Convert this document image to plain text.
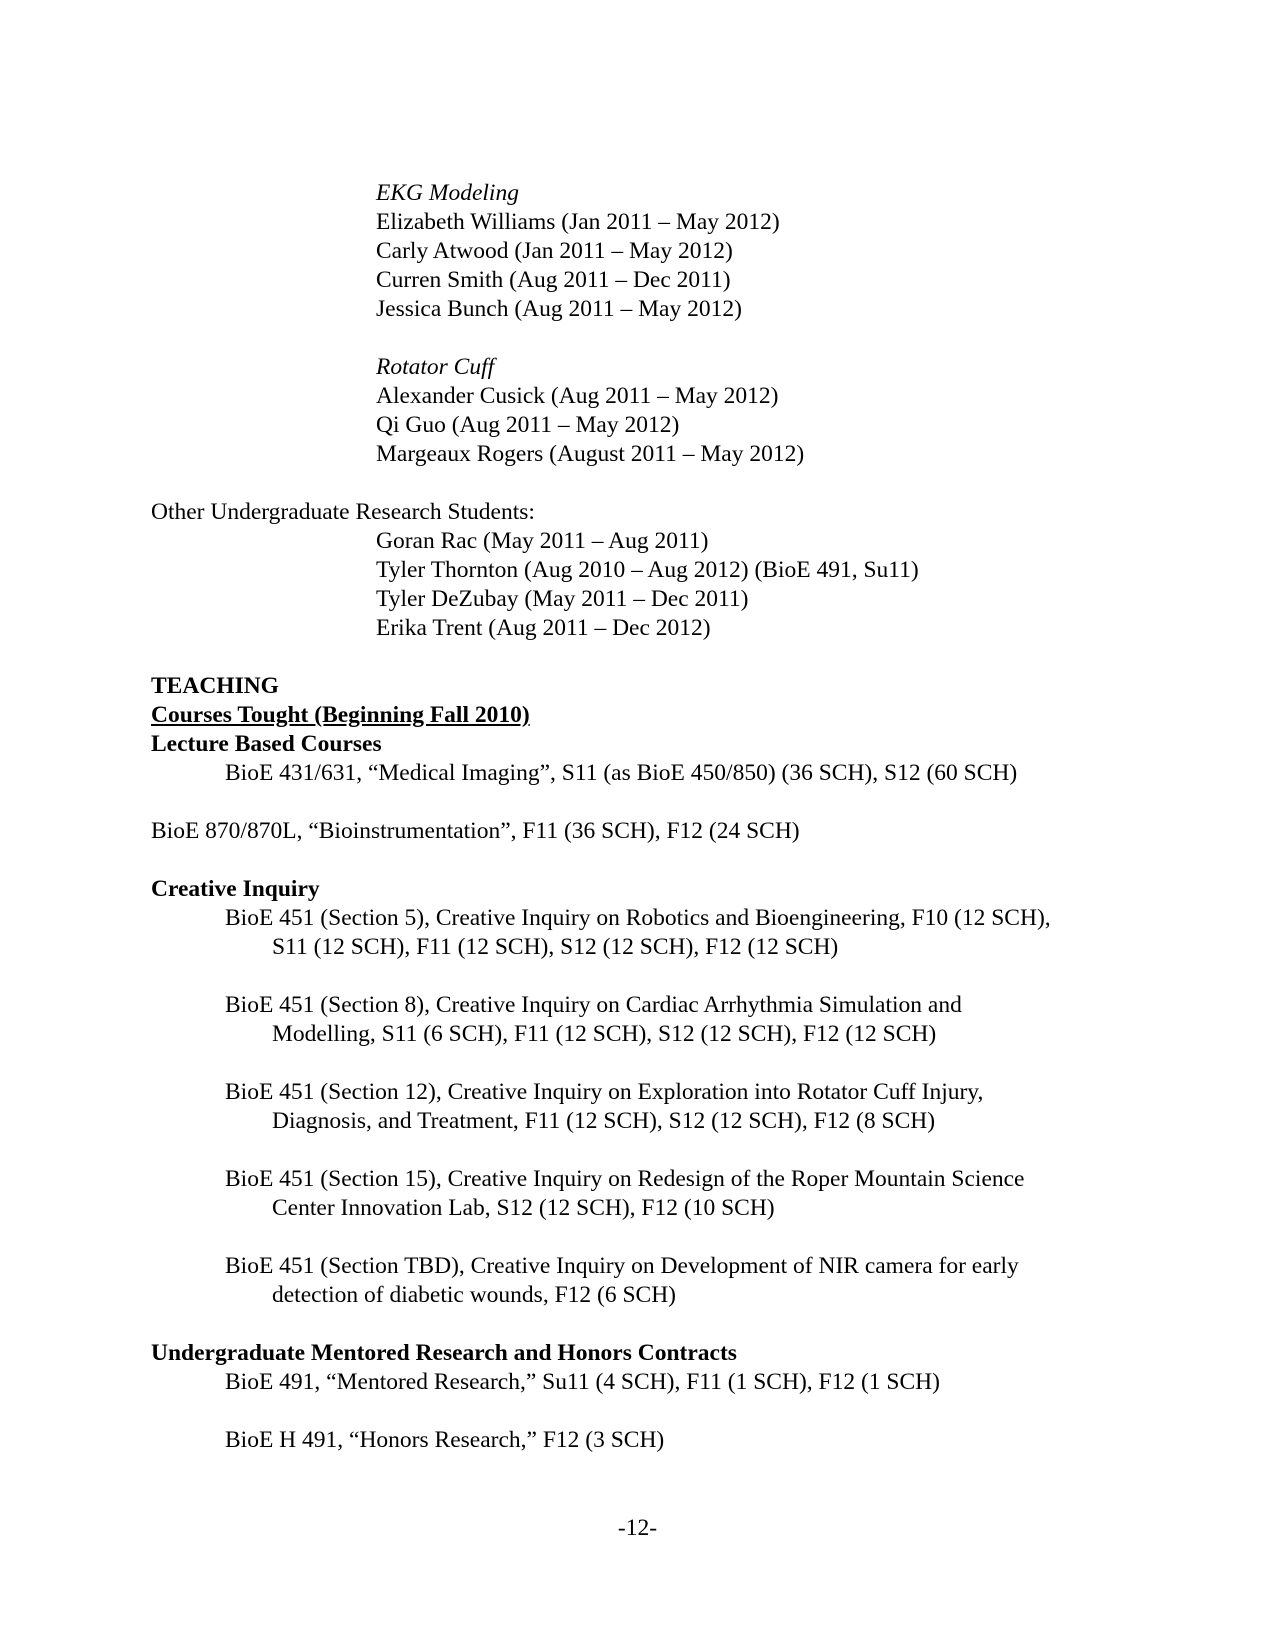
EKG Modeling
Elizabeth Williams (Jan 2011 – May 2012)
Carly Atwood (Jan 2011 – May 2012)
Curren Smith (Aug 2011 – Dec 2011)
Jessica Bunch (Aug 2011 – May 2012)
Rotator Cuff
Alexander Cusick (Aug 2011 – May 2012)
Qi Guo (Aug 2011 – May 2012)
Margeaux Rogers (August 2011 – May 2012)
Other Undergraduate Research Students:
Goran Rac (May 2011 – Aug 2011)
Tyler Thornton (Aug 2010 – Aug 2012) (BioE 491, Su11)
Tyler DeZubay (May 2011 – Dec 2011)
Erika Trent (Aug 2011 – Dec 2012)
TEACHING
Courses Tought (Beginning Fall 2010)
Lecture Based Courses
BioE 431/631, “Medical Imaging”, S11 (as BioE 450/850) (36 SCH), S12 (60 SCH)
BioE 870/870L, “Bioinstrumentation”, F11 (36 SCH), F12 (24 SCH)
Creative Inquiry
BioE 451 (Section 5), Creative Inquiry on Robotics and Bioengineering, F10 (12 SCH),
S11 (12 SCH), F11 (12 SCH), S12 (12 SCH), F12 (12 SCH)
BioE 451 (Section 8), Creative Inquiry on Cardiac Arrhythmia Simulation and
Modelling, S11 (6 SCH), F11 (12 SCH), S12 (12 SCH), F12 (12 SCH)
BioE 451 (Section 12), Creative Inquiry on Exploration into Rotator Cuff Injury,
Diagnosis, and Treatment, F11 (12 SCH), S12 (12 SCH), F12 (8 SCH)
BioE 451 (Section 15), Creative Inquiry on Redesign of the Roper Mountain Science
Center Innovation Lab, S12 (12 SCH), F12 (10 SCH)
BioE 451 (Section TBD), Creative Inquiry on Development of NIR camera for early
detection of diabetic wounds, F12 (6 SCH)
Undergraduate Mentored Research and Honors Contracts
BioE 491, “Mentored Research,” Su11 (4 SCH), F11 (1 SCH), F12 (1 SCH)
BioE H 491, “Honors Research,” F12 (3 SCH)
-12-
